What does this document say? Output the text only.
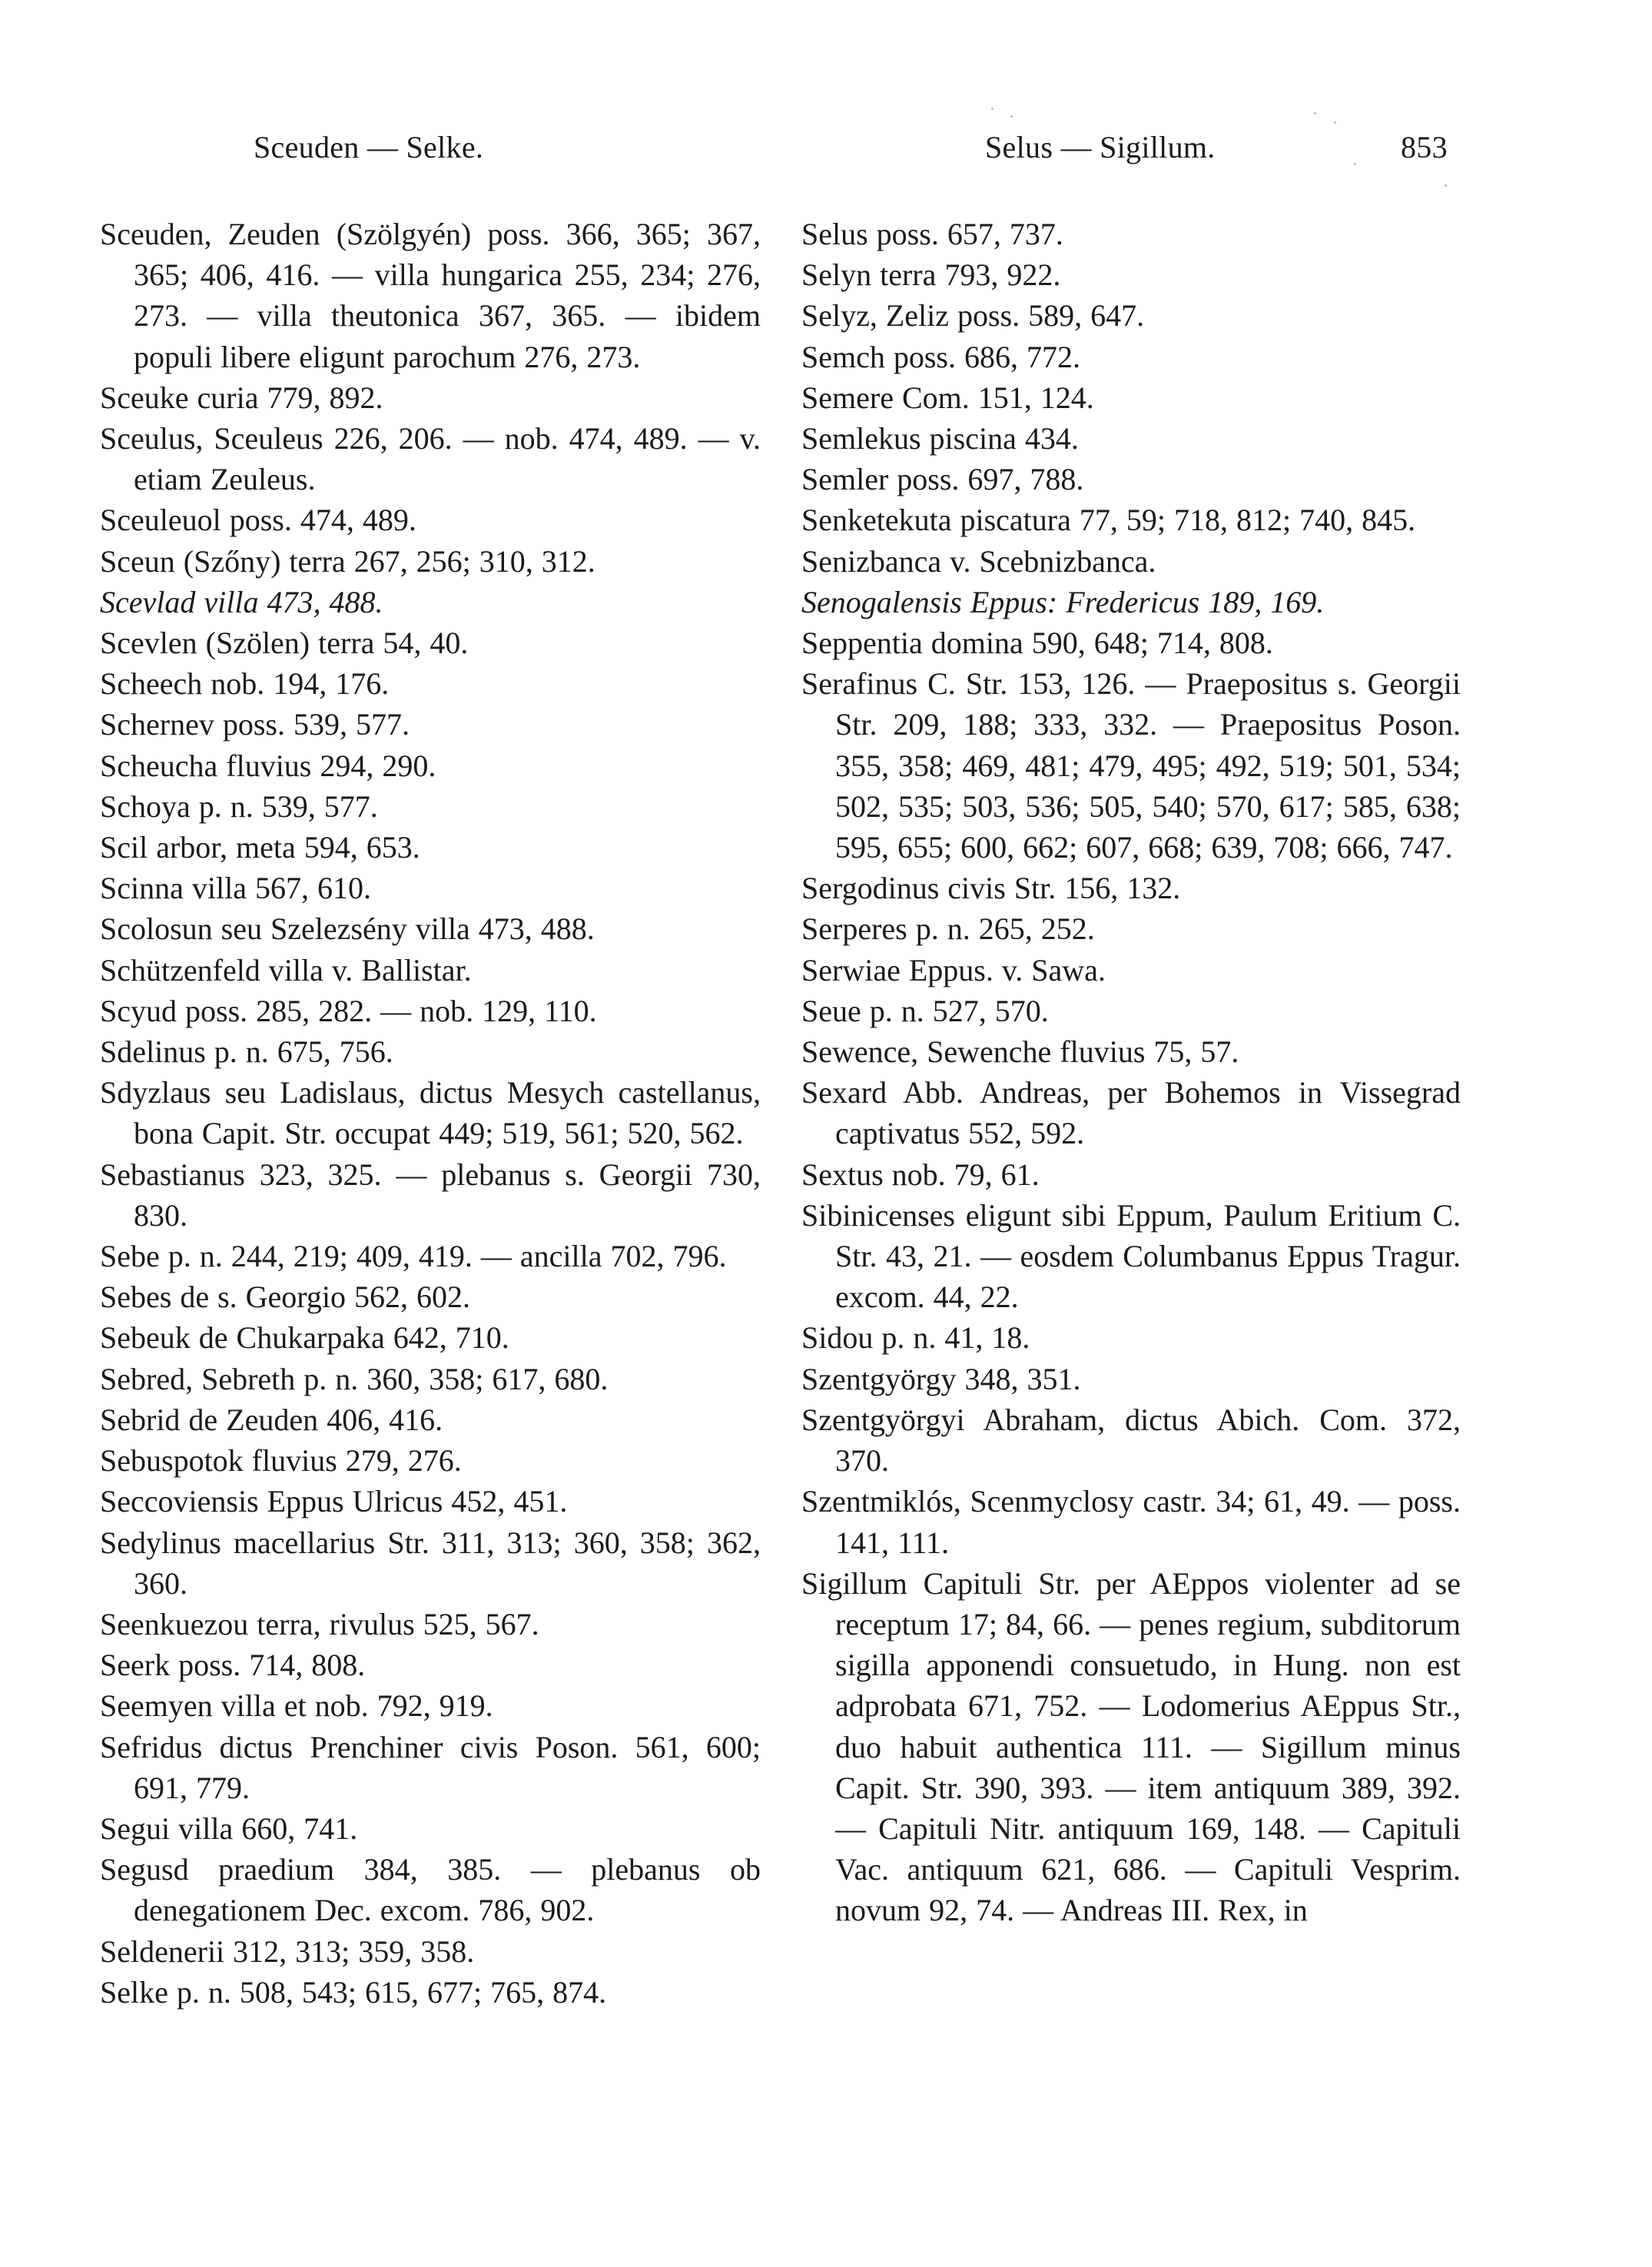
Sceuden — Selke.	Selus — Sigillum.	853

Sceuden, Zeuden (Szölgyén) poss. 366, 365; 367, 365; 406, 416. — villa hungarica 255, 234; 276, 273. — villa theutonica 367, 365. — ibidem populi libere eligunt parochum 276, 273.

Sceuke curia 779, 892.

Sceulus, Sceuleus 226, 206. — nob. 474, 489. — v. etiam Zeuleus.

Sceuleuol poss. 474, 489.

Sceun (Szőny) terra 267, 256; 310, 312.

Scevlad villa 473, 488.

Scevlen (Szölen) terra 54, 40.

Scheech nob. 194, 176.

Schernev poss. 539, 577.

Scheucha fluvius 294, 290.

Schoya p. n. 539, 577.

Scil arbor, meta 594, 653.

Scinna villa 567, 610.

Scolosun seu Szelezsény villa 473, 488.

Schützenfeld villa v. Ballistar.

Scyud poss. 285, 282. — nob. 129, 110.

Sdelinus p. n. 675, 756.

Sdyzlaus seu Ladislaus, dictus Mesych castellanus, bona Capit. Str. occupat 449; 519, 561; 520, 562.

Sebastianus 323, 325. — plebanus s. Georgii 730, 830.

Sebe p. n. 244, 219; 409, 419. — ancilla 702, 796.

Sebes de s. Georgio 562, 602.

Sebeuk de Chukarpaka 642, 710.

Sebred, Sebreth p. n. 360, 358; 617, 680.

Sebrid de Zeuden 406, 416.

Sebuspotok fluvius 279, 276.

Seccoviensis Eppus Ulricus 452, 451.

Sedylinus macellarius Str. 311, 313; 360, 358; 362, 360.

Seenkuezou terra, rivulus 525, 567.

Seerk poss. 714, 808.

Seemyen villa et nob. 792, 919.

Sefridus dictus Prenchiner civis Poson. 561, 600; 691, 779.

Segui villa 660, 741.

Segusd praedium 384, 385. — plebanus ob denegationem Dec. excom. 786, 902.

Seldenerii 312, 313; 359, 358.

Selke p. n. 508, 543; 615, 677; 765, 874.

Selus poss. 657, 737.

Selyn terra 793, 922.

Selyz, Zeliz poss. 589, 647.

Semch poss. 686, 772.

Semere Com. 151, 124.

Semlekus piscina 434.

Semler poss. 697, 788.

Senketekuta piscatura 77, 59; 718, 812; 740, 845.

Senizbanca v. Scebnizbanca.

Senogalensis Eppus: Fredericus 189, 169.

Seppentia domina 590, 648; 714, 808.

Serafinus C. Str. 153, 126. — Praepositus s. Georgii Str. 209, 188; 333, 332. — Praepositus Poson. 355, 358; 469, 481; 479, 495; 492, 519; 501, 534; 502, 535; 503, 536; 505, 540; 570, 617; 585, 638; 595, 655; 600, 662; 607, 668; 639, 708; 666, 747.

Sergodinus civis Str. 156, 132.

Serperes p. n. 265, 252.

Serwiae Eppus. v. Sawa.

Seue p. n. 527, 570.

Sewence, Sewenche fluvius 75, 57.

Sexard Abb. Andreas, per Bohemos in Vissegrad captivatus 552, 592.

Sextus nob. 79, 61.

Sibinicenses eligunt sibi Eppum, Paulum Eritium C. Str. 43, 21. — eosdem Columbanus Eppus Tragur. excom. 44, 22.

Sidou p. n. 41, 18.

Szentgyörgy 348, 351.

Szentgyörgyi Abraham, dictus Abich. Com. 372, 370.

Szentmiklós, Scenmyclosy castr. 34; 61, 49. — poss. 141, 111.

Sigillum Capituli Str. per AEppos violenter ad se receptum 17; 84, 66. — penes regium, subditorum sigilla apponendi consuetudo, in Hung. non est adprobata 671, 752. — Lodomerius AEppus Str., duo habuit authentica 111. — Sigillum minus Capit. Str. 390, 393. — item antiquum 389, 392. — Capituli Nitr. antiquum 169, 148. — Capituli Vac. antiquum 621, 686. — Capituli Vesprim. novum 92, 74. — Andreas III. Rex, in
